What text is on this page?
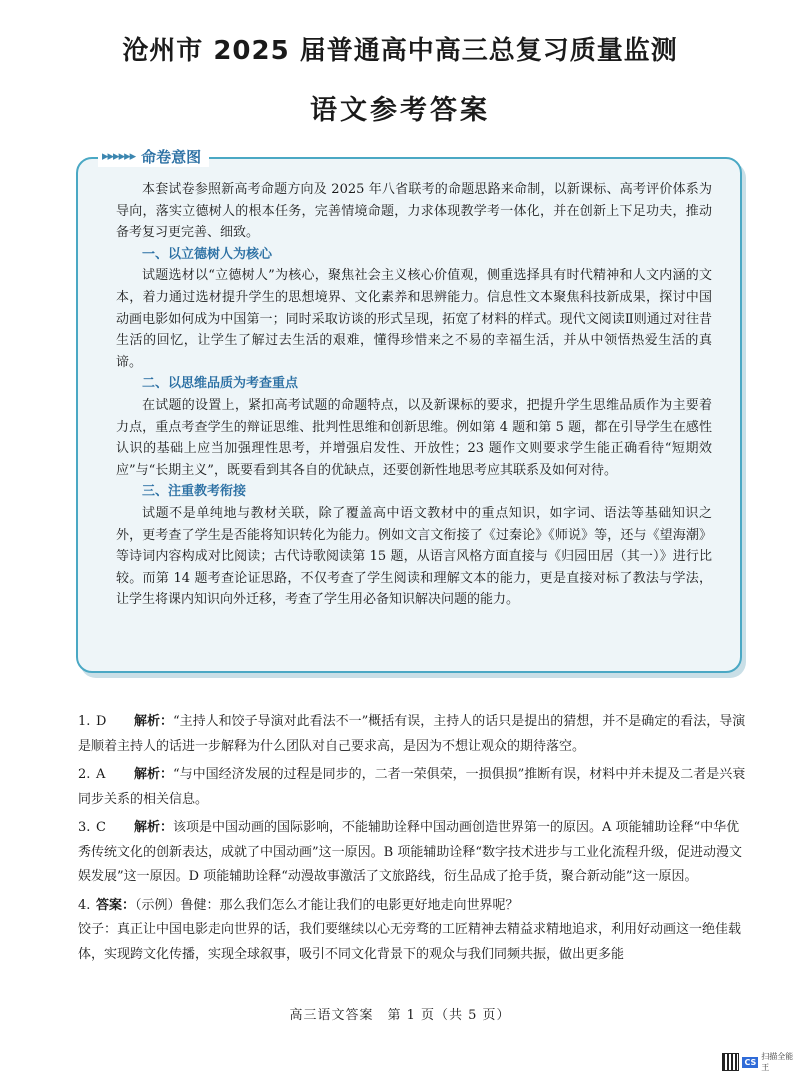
沧州市 2025 届普通高中高三总复习质量监测
语文参考答案
▸▸▸▸▸▸ 命卷意图

本套试卷参照新高考命题方向及 2025 年八省联考的命题思路来命制，以新课标、高考评价体系为导向，落实立德树人的根本任务，完善情境命题，力求体现教学考一体化，并在创新上下足功夫，推动备考复习更完善、细致。

一、以立德树人为核心

试题选材以“立德树人”为核心，聚焦社会主义核心价值观，侧重选择具有时代精神和人文内涵的文本，着力通过选材提升学生的思想境界、文化素养和思辨能力。信息性文本聚焦科技新成果，探讨中国动画电影如何成为中国第一；同时采取访谈的形式呈现，拓宽了材料的样式。现代文阅读Ⅱ则通过对往昔生活的回忆，让学生了解过去生活的艰难，懂得珍惜来之不易的幸福生活，并从中领悟热爱生活的真谛。

二、以思维品质为考查重点

在试题的设置上，紧扣高考试题的命题特点，以及新课标的要求，把提升学生思维品质作为主要着力点，重点考查学生的辩证思维、批判性思维和创新思维。例如第 4 题和第 5 题，都在引导学生在感性认识的基础上应当加强理性思考，并增强启发性、开放性；23 题作文则要求学生能正确看待“短期效应”与“长期主义”，既要看到其各自的优缺点，还要创新性地思考应其联系及如何对待。

三、注重教考衔接

试题不是单纯地与教材关联，除了覆盖高中语文教材中的重点知识，如字词、语法等基础知识之外，更考查了学生是否能将知识转化为能力。例如文言文衔接了《过秦论》《师说》等，还与《望海潮》等诗词内容构成对比阅读；古代诗歌阅读第 15 题，从语言风格方面直接与《归园田居（其一）》进行比较。而第 14 题考查论证思路，不仅考查了学生阅读和理解文本的能力，更是直接对标了教法与学法，让学生将课内知识向外迁移，考查了学生用必备知识解决问题的能力。

1. D 解析：“主持人和饺子导演对此看法不一”概括有误，主持人的话只是提出的猜想，并不是确定的看法，导演是顺着主持人的话进一步解释为什么团队对自己要求高，是因为不想让观众的期待落空。
2. A 解析：“与中国经济发展的过程是同步的，二者一荣俱荣，一损俱损”推断有误，材料中并未提及二者是兴衰同步关系的相关信息。
3. C 解析：该项是中国动画的国际影响，不能辅助诠释中国动画创造世界第一的原因。A 项能辅助诠释“中华优秀传统文化的创新表达，成就了中国动画”这一原因。B 项能辅助诠释“数字技术进步与工业化流程升级，促进动漫文娱发展”这一原因。D 项能辅助诠释“动漫故事激活了文旅路线，衍生品成了抢手货，聚合新动能”这一原因。
4. 答案：（示例）鲁健：那么我们怎么才能让我们的电影更好地走向世界呢？
饺子：真正让中国电影走向世界的话，我们要继续以心无旁骛的工匠精神去精益求精地追求，利用好动画这一绝佳载体，实现跨文化传播，实现全球叙事，吸引不同文化背景下的观众与我们同频共振，做出更多能
高三语文答案　第 1 页（共 5 页）
CS
扫描全能王
